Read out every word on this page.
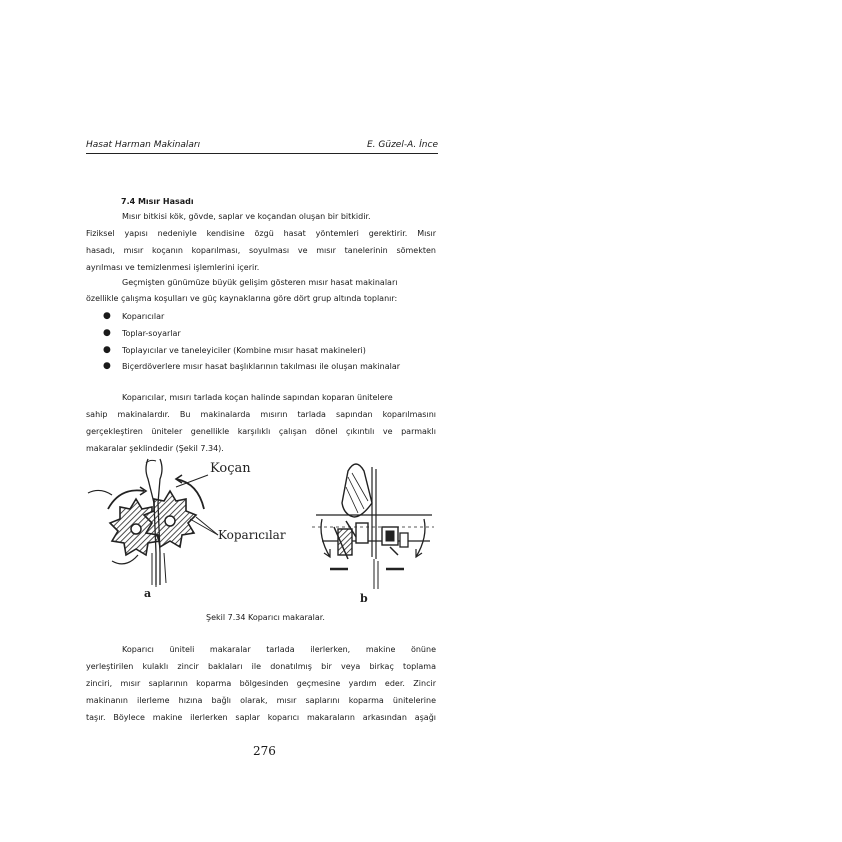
Hasat Harman Makinaları	E. Güzel-A. İnce
7.4 Mısır Hasadı
Mısır bitkisi kök, gövde, saplar ve koçandan oluşan bir bitkidir.
Fiziksel yapısı nedeniyle kendisine özgü hasat yöntemleri gerektirir. Mısır
hasadı, mısır koçanın koparılması, soyulması ve mısır tanelerinin sömekten
ayrılması ve temizlenmesi işlemlerini içerir.
Geçmişten günümüze büyük gelişim gösteren mısır hasat makinaları
özellikle çalışma koşulları ve güç kaynaklarına göre dört grup altında toplanır:
● Koparıcılar
● Toplar-soyarlar
● Toplayıcılar ve taneleyiciler (Kombine mısır hasat makineleri)
● Biçerdöverlere mısır hasat başlıklarının takılması ile oluşan makinalar
Koparıcılar, mısırı tarlada koçan halinde sapından koparan ünitelere
sahip makinalardır. Bu makinalarda mısırın tarlada sapından koparılmasını
gerçekleştiren üniteler genellikle karşılıklı çalışan dönel çıkıntılı ve parmaklı
makaralar şeklindedir (Şekil 7.34).
Koçan
Koparıcılar
a	b
Şekil 7.34 Koparıcı makaralar.
Koparıcı üniteli makaralar tarlada ilerlerken, makine önüne
yerleştirilen kulaklı zincir baklaları ile donatılmış bir veya birkaç toplama
zinciri, mısır saplarının koparma bölgesinden geçmesine yardım eder. Zincir
makinanın ilerleme hızına bağlı olarak, mısır saplarını koparma ünitelerine
taşır. Böylece makine ilerlerken saplar koparıcı makaraların arkasından aşağı
276
